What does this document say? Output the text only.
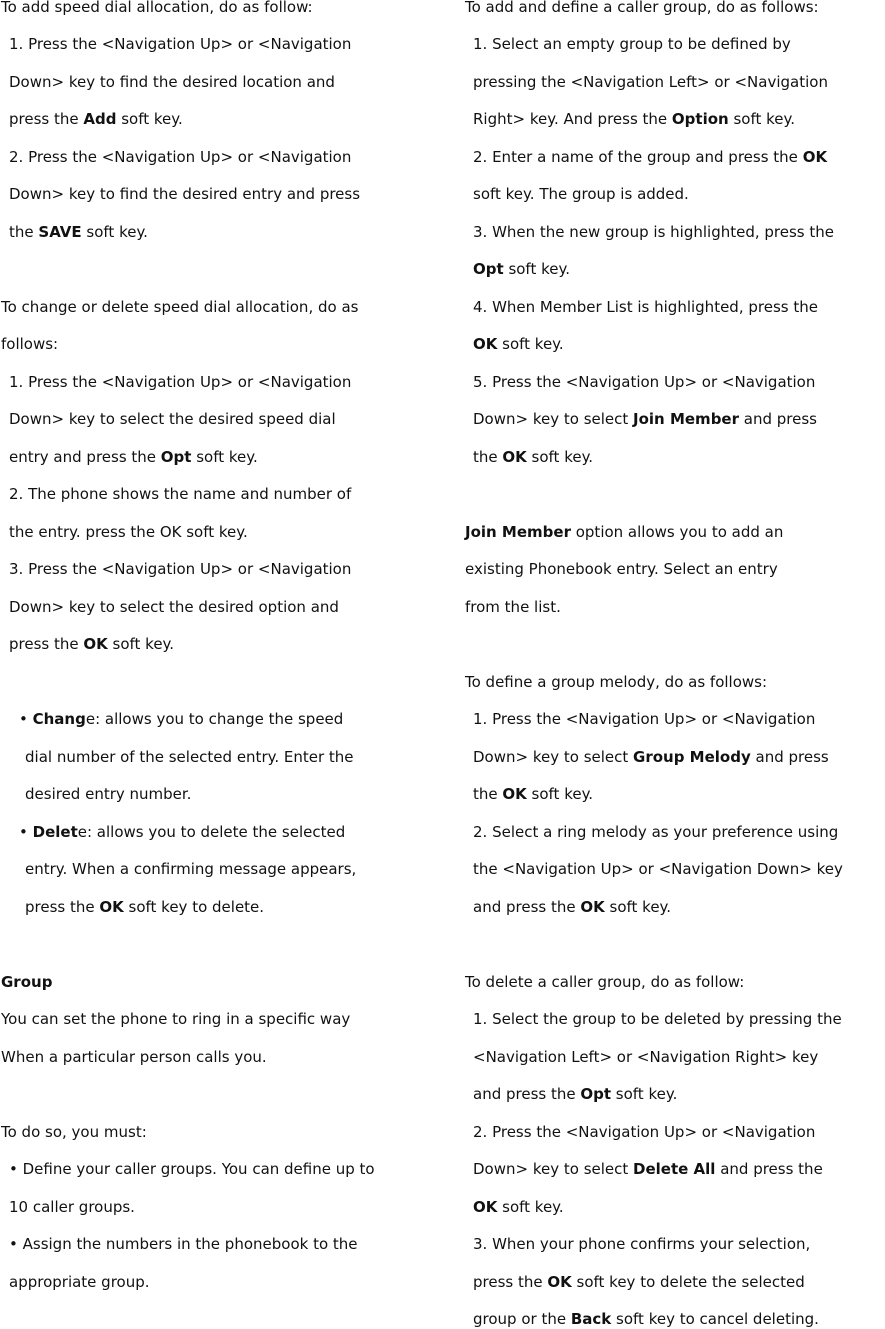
To add speed dial allocation, do as follow:
1. Press the <Navigation Up> or <Navigation
Down> key to find the desired location and
press the Add soft key.
2. Press the <Navigation Up> or <Navigation
Down> key to find the desired entry and press
the SAVE soft key.
To change or delete speed dial allocation, do as
follows:
1. Press the <Navigation Up> or <Navigation
Down> key to select the desired speed dial
entry and press the Opt soft key.
2. The phone shows the name and number of
the entry. press the OK soft key.
3. Press the <Navigation Up> or <Navigation
Down> key to select the desired option and
press the OK soft key.
• Change: allows you to change the speed
dial number of the selected entry. Enter the
desired entry number.
• Delete: allows you to delete the selected
entry. When a confirming message appears,
press the OK soft key to delete.
Group
You can set the phone to ring in a specific way
When a particular person calls you.
To do so, you must:
• Define your caller groups. You can define up to
10 caller groups.
• Assign the numbers in the phonebook to the
appropriate group.
To add and define a caller group, do as follows:
1. Select an empty group to be defined by
pressing the <Navigation Left> or <Navigation
Right> key. And press the Option soft key.
2. Enter a name of the group and press the OK
soft key. The group is added.
3. When the new group is highlighted, press the
Opt soft key.
4. When Member List is highlighted, press the
OK soft key.
5. Press the <Navigation Up> or <Navigation
Down> key to select Join Member and press
the OK soft key.
Join Member option allows you to add an
existing Phonebook entry. Select an entry
from the list.
To define a group melody, do as follows:
1. Press the <Navigation Up> or <Navigation
Down> key to select Group Melody and press
the OK soft key.
2. Select a ring melody as your preference using
the <Navigation Up> or <Navigation Down> key
and press the OK soft key.
To delete a caller group, do as follow:
1. Select the group to be deleted by pressing the
<Navigation Left> or <Navigation Right> key
and press the Opt soft key.
2. Press the <Navigation Up> or <Navigation
Down> key to select Delete All and press the
OK soft key.
3. When your phone confirms your selection,
press the OK soft key to delete the selected
group or the Back soft key to cancel deleting.
